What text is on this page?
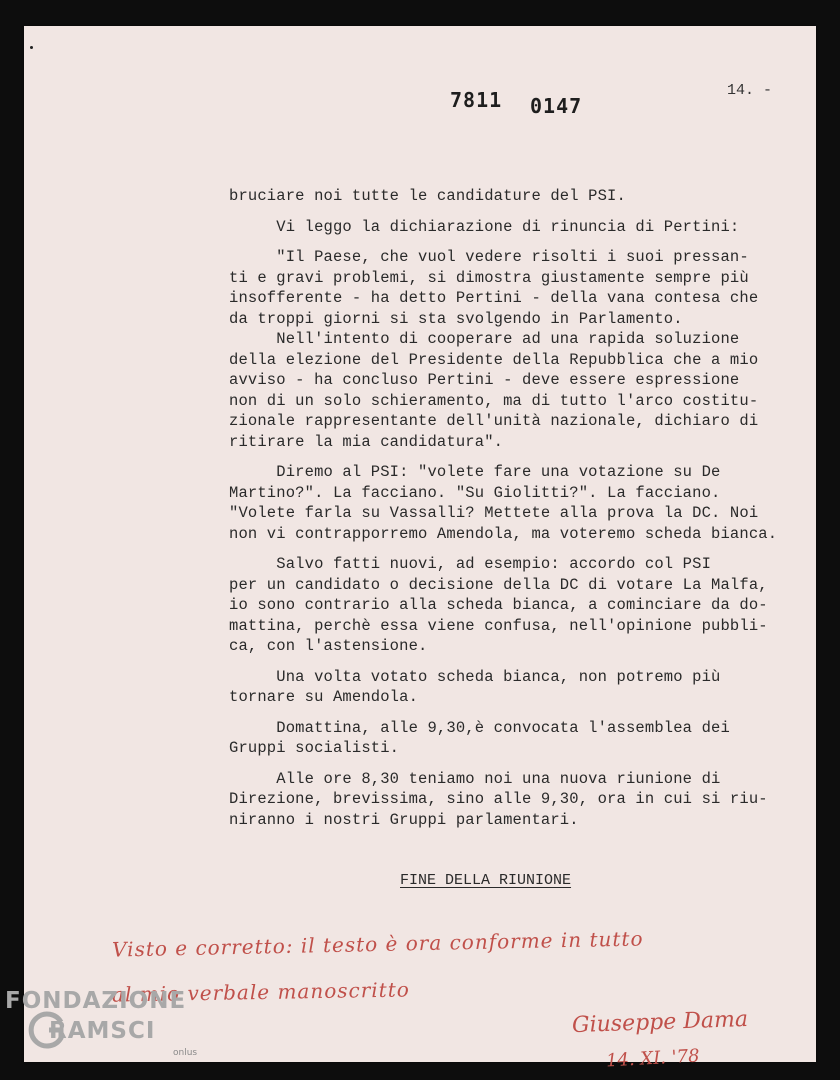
7811 0147
14. -
bruciare noi tutte le candidature del PSI.
Vi leggo la dichiarazione di rinuncia di Pertini:
"Il Paese, che vuol vedere risolti i suoi pressan-
ti e gravi problemi, si dimostra giustamente sempre più
insofferente - ha detto Pertini - della vana contesa che
da troppi giorni si sta svolgendo in Parlamento.
Nell'intento di cooperare ad una rapida soluzione
della elezione del Presidente della Repubblica che a mio
avviso - ha concluso Pertini - deve essere espressione
non di un solo schieramento, ma di tutto l'arco costitu-
zionale rappresentante dell'unità nazionale, dichiaro di
ritirare la mia candidatura".
Diremo al PSI: "volete fare una votazione su De
Martino?". La facciano. "Su Giolitti?". La facciano.
"Volete farla su Vassalli? Mettete alla prova la DC. Noi
non vi contrapporremo Amendola, ma voteremo scheda bianca.
Salvo fatti nuovi, ad esempio: accordo col PSI
per un candidato o decisione della DC di votare La Malfa,
io sono contrario alla scheda bianca, a cominciare da do-
mattina, perchè essa viene confusa, nell'opinione pubbli-
ca, con l'astensione.
Una volta votato scheda bianca, non potremo più
tornare su Amendola.
Domattina, alle 9,30,è convocata l'assemblea dei
Gruppi socialisti.
Alle ore 8,30 teniamo noi una nuova riunione di
Direzione, brevissima, sino alle 9,30, ora in cui si riu-
niranno i nostri Gruppi parlamentari.
FINE DELLA RIUNIONE
Visto e corretto: il testo è ora conforme in tutto
al mio verbale manoscritto
Giuseppe Dama
14. XI. '78
FONDAZIONE
RAMSCI
onlus
